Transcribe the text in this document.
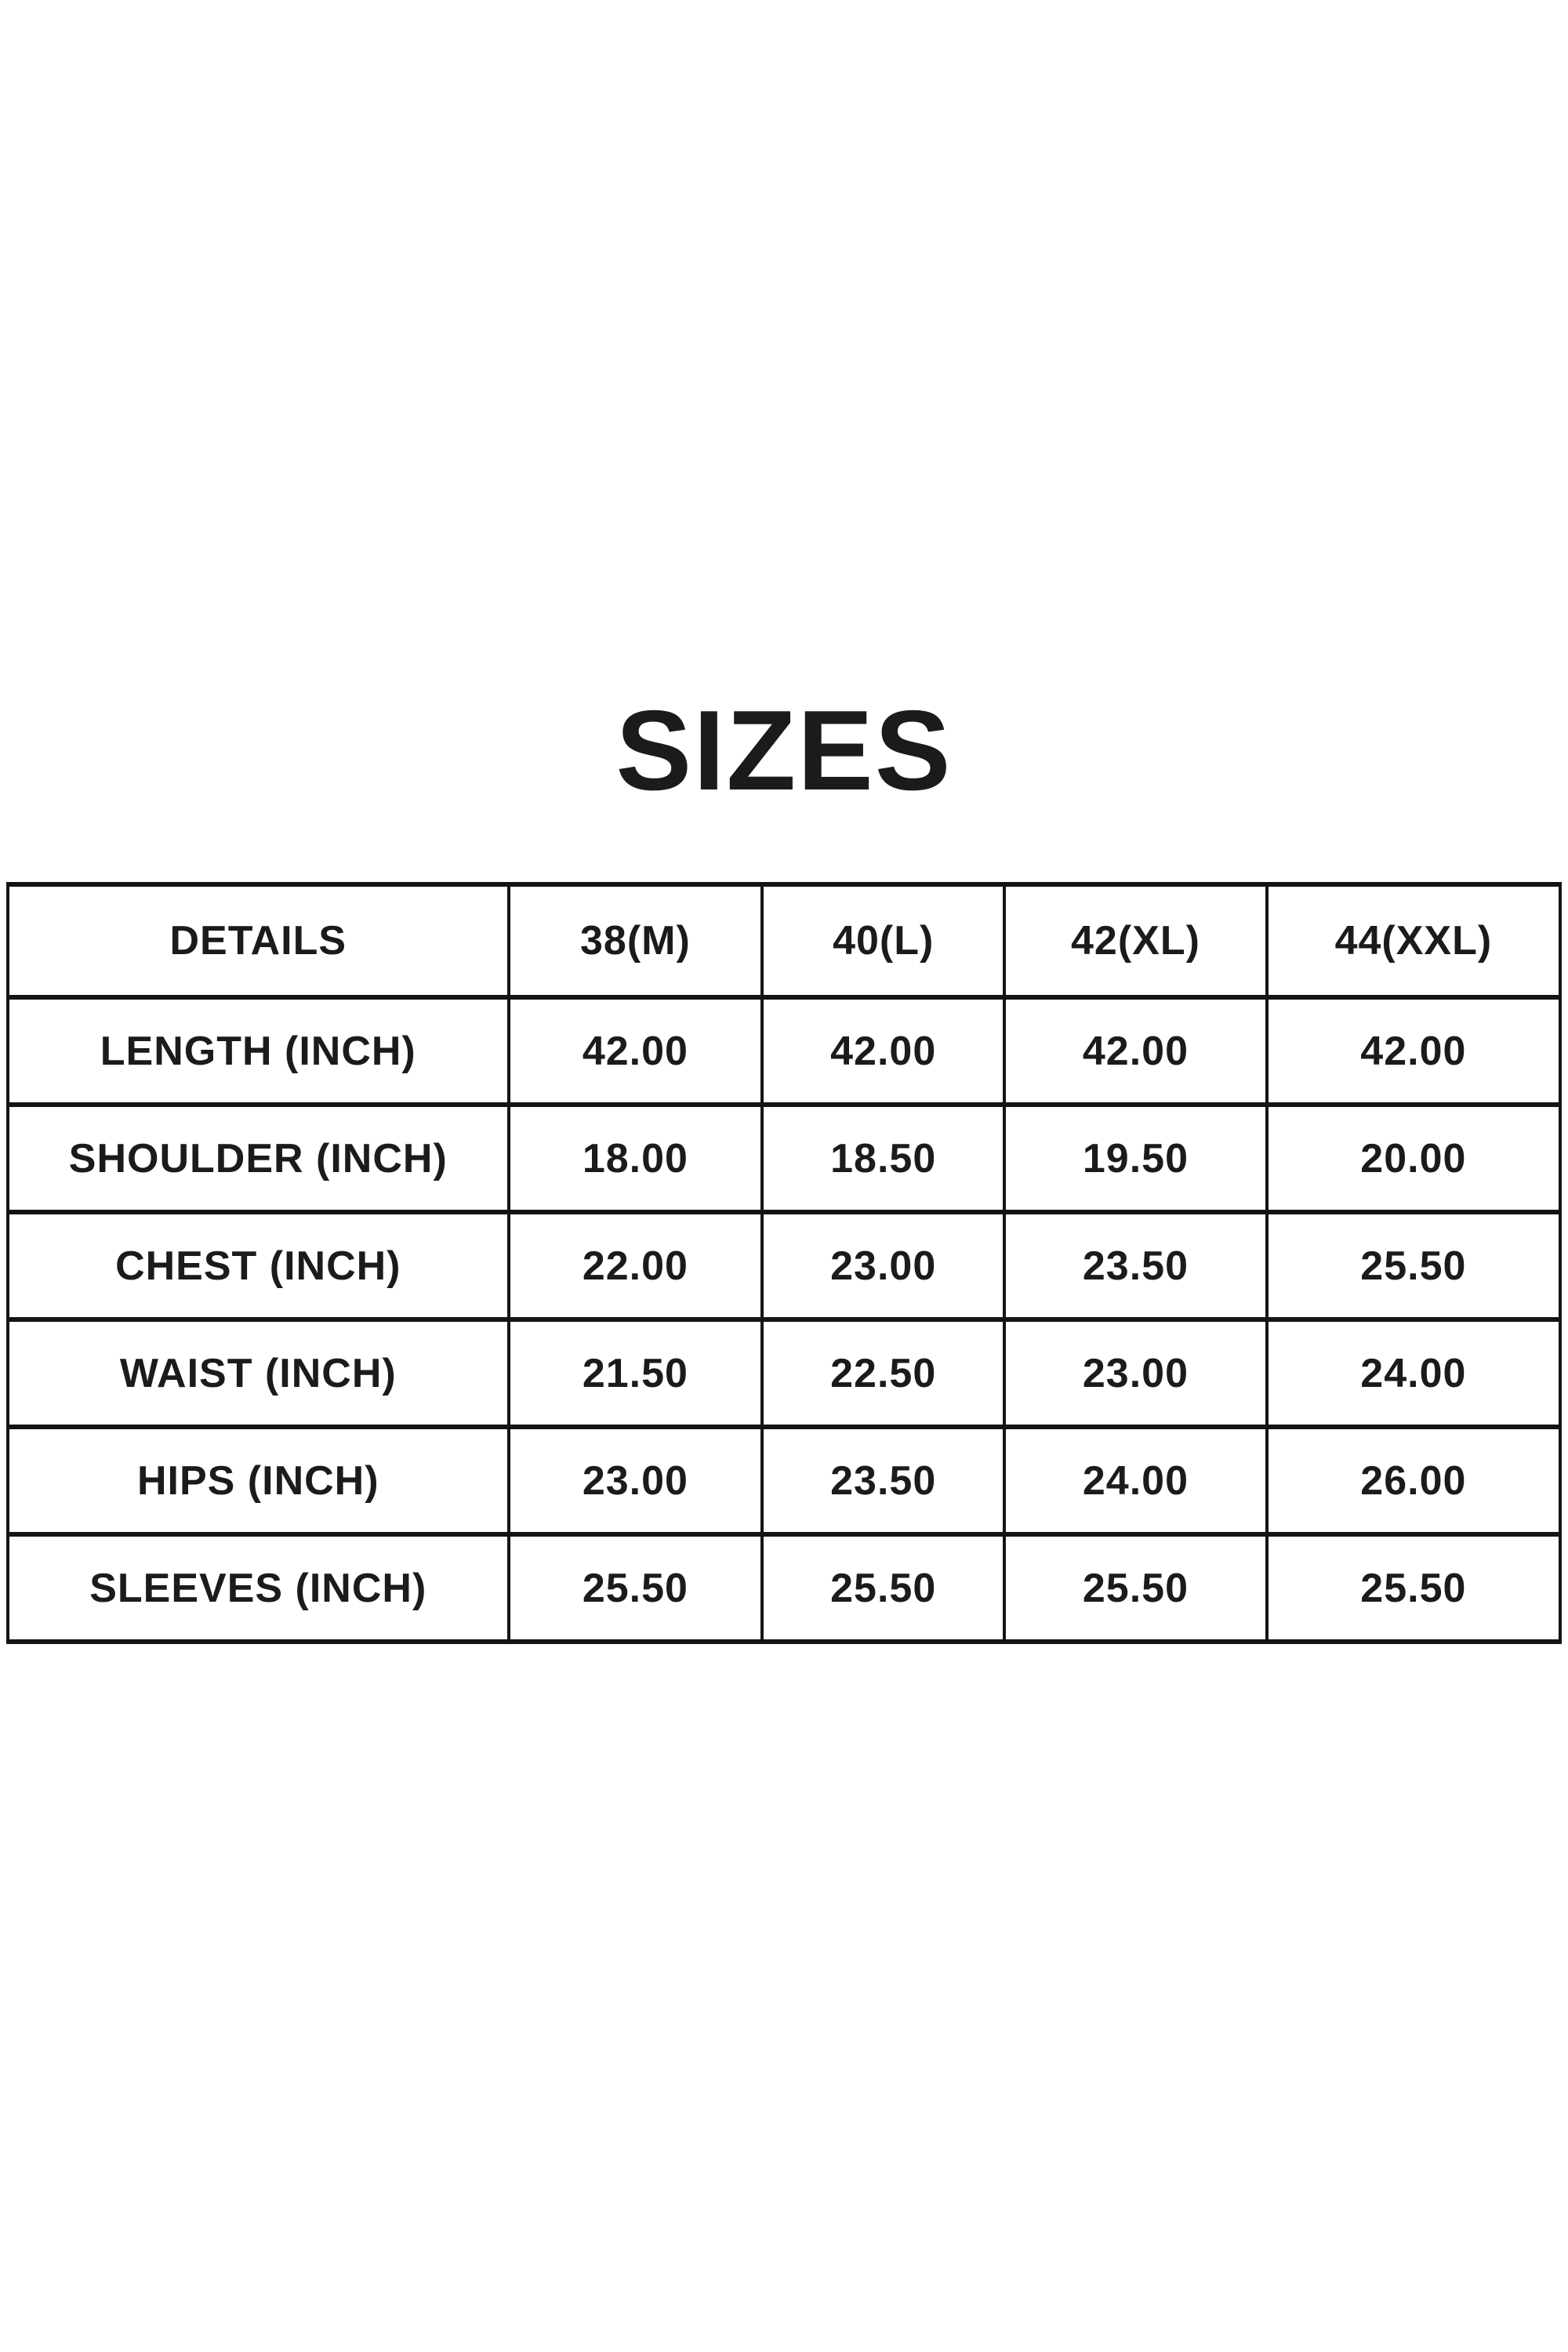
SIZES
DETAILS	38(M)	40(L)	42(XL)	44(XXL)
LENGTH (INCH)	42.00	42.00	42.00	42.00
SHOULDER (INCH)	18.00	18.50	19.50	20.00
CHEST (INCH)	22.00	23.00	23.50	25.50
WAIST (INCH)	21.50	22.50	23.00	24.00
HIPS (INCH)	23.00	23.50	24.00	26.00
SLEEVES (INCH)	25.50	25.50	25.50	25.50
